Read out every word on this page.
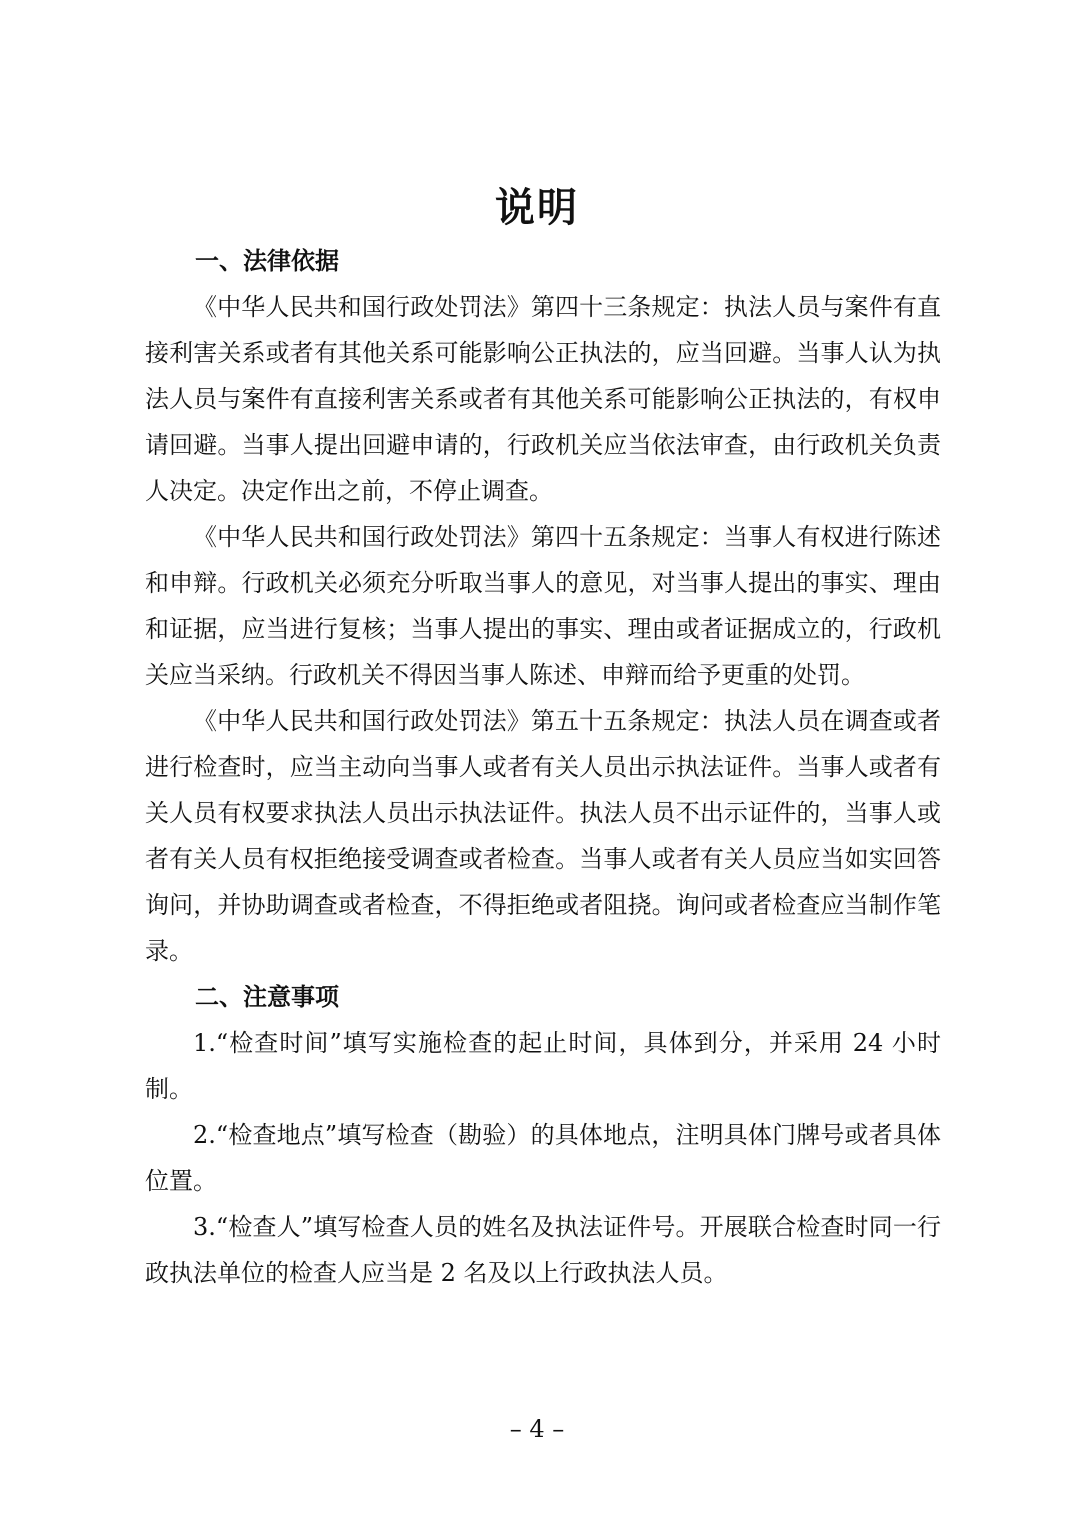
说明
一、法律依据

《中华人民共和国行政处罚法》第四十三条规定：执法人员与案件有直接利害关系或者有其他关系可能影响公正执法的，应当回避。当事人认为执法人员与案件有直接利害关系或者有其他关系可能影响公正执法的，有权申请回避。当事人提出回避申请的，行政机关应当依法审查，由行政机关负责人决定。决定作出之前，不停止调查。

《中华人民共和国行政处罚法》第四十五条规定：当事人有权进行陈述和申辩。行政机关必须充分听取当事人的意见，对当事人提出的事实、理由和证据，应当进行复核；当事人提出的事实、理由或者证据成立的，行政机关应当采纳。行政机关不得因当事人陈述、申辩而给予更重的处罚。

《中华人民共和国行政处罚法》第五十五条规定：执法人员在调查或者进行检查时，应当主动向当事人或者有关人员出示执法证件。当事人或者有关人员有权要求执法人员出示执法证件。执法人员不出示证件的，当事人或者有关人员有权拒绝接受调查或者检查。当事人或者有关人员应当如实回答询问，并协助调查或者检查，不得拒绝或者阻挠。询问或者检查应当制作笔录。

二、注意事项

1.“检查时间”填写实施检查的起止时间，具体到分，并采用 24 小时制。

2.“检查地点”填写检查（勘验）的具体地点，注明具体门牌号或者具体位置。

3.“检查人”填写检查人员的姓名及执法证件号。开展联合检查时同一行政执法单位的检查人应当是 2 名及以上行政执法人员。

– 4 –
